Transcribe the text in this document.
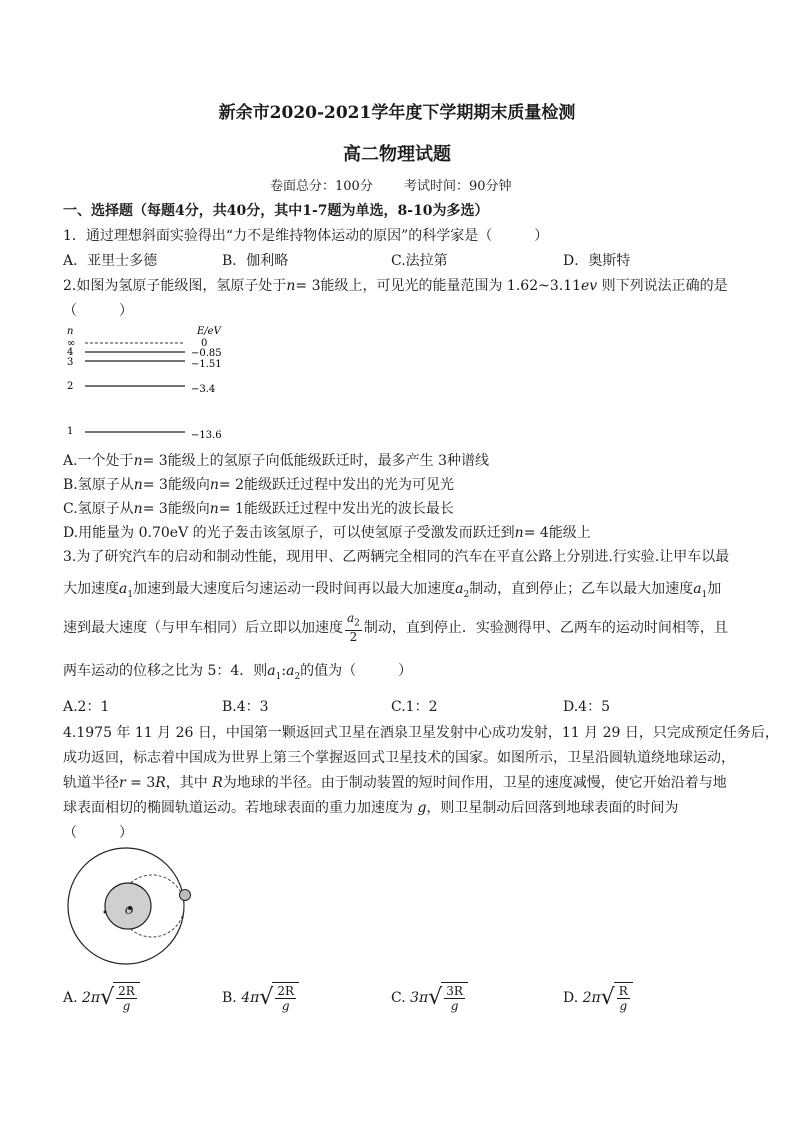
新余市2020-2021学年度下学期期末质量检测
高二物理试题
卷面总分：100分 考试时间：90分钟
一、选择题（每题4分，共40分，其中1-7题为单选，8-10为多选）
1．通过理想斜面实验得出“力不是维持物体运动的原因”的科学家是（　　　）
A．亚里士多德	B．伽利略	C.法拉第	D．奥斯特
2.如图为氢原子能级图，氢原子处于n= 3能级上，可见光的能量范围为 1.62~3.11ev 则下列说法正确的是
（　　　）
n	E/eV
∞	0
4	−0.85
3	−1.51
2	−3.4
1	−13.6
A.一个处于n= 3能级上的氢原子向低能级跃迁时，最多产生 3种谱线
B.氢原子从n= 3能级向n= 2能级跃迁过程中发出的光为可见光
C.氢原子从n= 3能级向n= 1能级跃迁过程中发出光的波长最长
D.用能量为 0.70eV 的光子轰击该氢原子，可以使氢原子受激发而跃迁到n= 4能级上
3.为了研究汽车的启动和制动性能，现用甲、乙两辆完全相同的汽车在平直公路上分别进.行实验.让甲车以最
大加速度$a_1$加速到最大速度后匀速运动一段时间再以最大加速度$a_2$制动，直到停止；乙车以最大加速度$a_1$加
速到最大速度（与甲车相同）后立即以加速度 $\frac{a_2}{2}$ 制动，直到停止．实验测得甲、乙两车的运动时间相等，且
两车运动的位移之比为 5：4．则$a_1:a_2$的值为（　　　）
A.2：1	B.4：3	C.1：2	D.4：5
4.1975 年 11 月 26 日，中国第一颗返回式卫星在酒泉卫星发射中心成功发射，11 月 29 日，只完成预定任务后，
成功返回，标志着中国成为世界上第三个掌握返回式卫星技术的国家。如图所示，卫星沿圆轨道绕地球运动，
轨道半径r = 3R，其中 R为地球的半径。由于制动装置的短时间作用，卫星的速度减慢，使它开始沿着与地
球表面相切的椭圆轨道运动。若地球表面的重力加速度为 g，则卫星制动后回落到地球表面的时间为
（　　　）
O
A. 2π √ $\frac{2R}{g}$	B. 4π √ $\frac{2R}{g}$	C. 3π √ $\frac{3R}{g}$	D. 2π √ $\frac{R}{g}$
